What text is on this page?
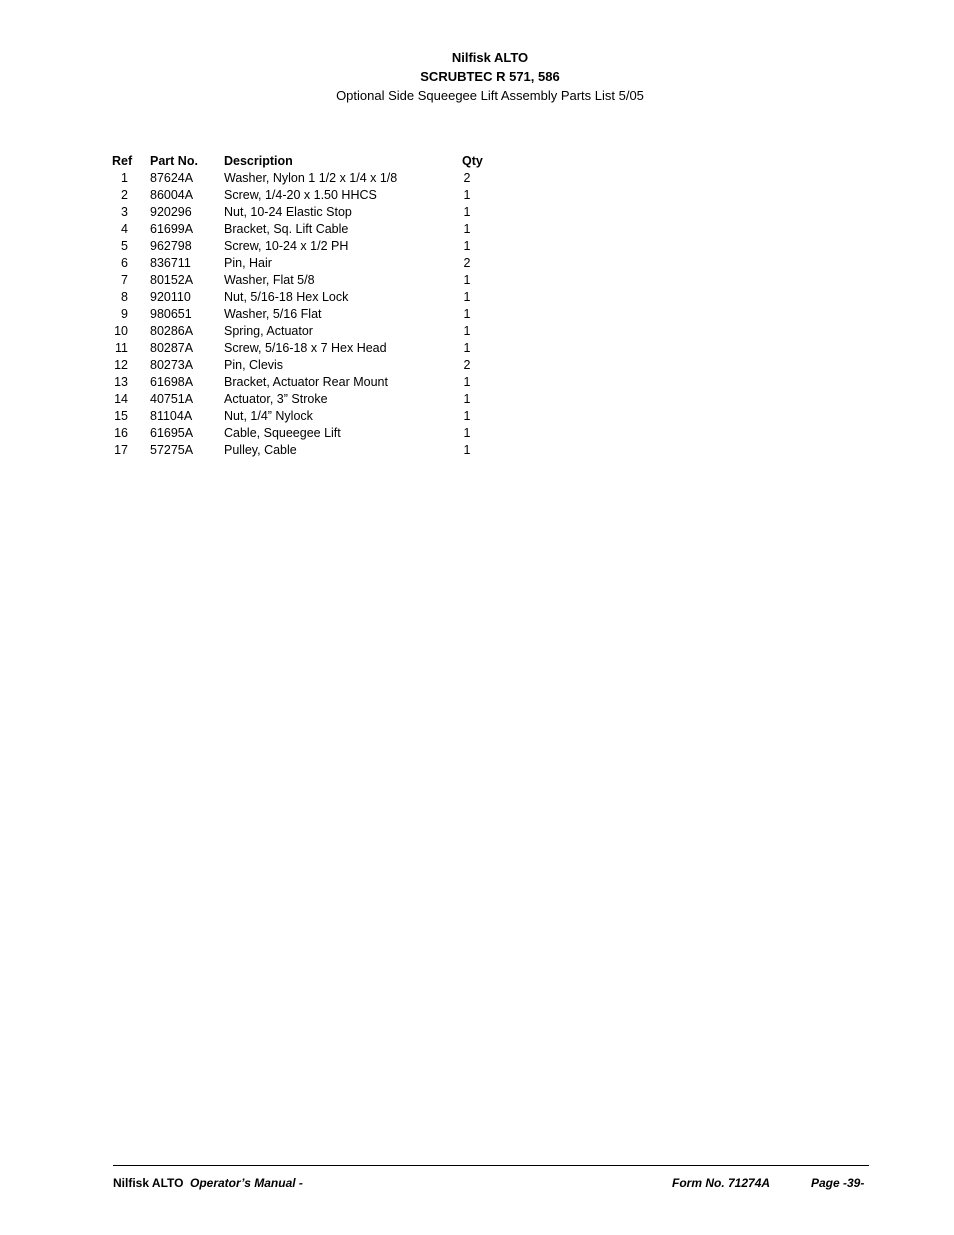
Nilfisk ALTO
SCRUBTEC R 571, 586
Optional Side Squeegee Lift Assembly Parts List 5/05
Ref Part No. Description	Qty
1 87624A Washer, Nylon 1 1/2 x 1/4 x 1/8	2
2 86004A Screw, 1/4-20 x 1.50 HHCS	1
3 920296	Nut, 10-24 Elastic Stop	1
4 61699A Bracket, Sq. Lift Cable	1
5 962798	Screw, 10-24 x 1/2 PH	1
6 836711	Pin, Hair	2
7 80152A Washer, Flat 5/8	1
8 920110	Nut, 5/16-18 Hex Lock	1
9 980651	Washer, 5/16 Flat	1
10 80286A Spring, Actuator	1
11 80287A Screw, 5/16-18 x 7 Hex Head	1
12 80273A Pin, Clevis	2
13 61698A Bracket, Actuator Rear Mount	1
14 40751A Actuator, 3” Stroke	1
15 81104A	Nut, 1/4” Nylock	1
16 61695A Cable, Squeegee Lift	1
17 57275A Pulley, Cable	1
Nilfisk ALTO Operator’s Manual -	Form No. 71274A	Page -39-
